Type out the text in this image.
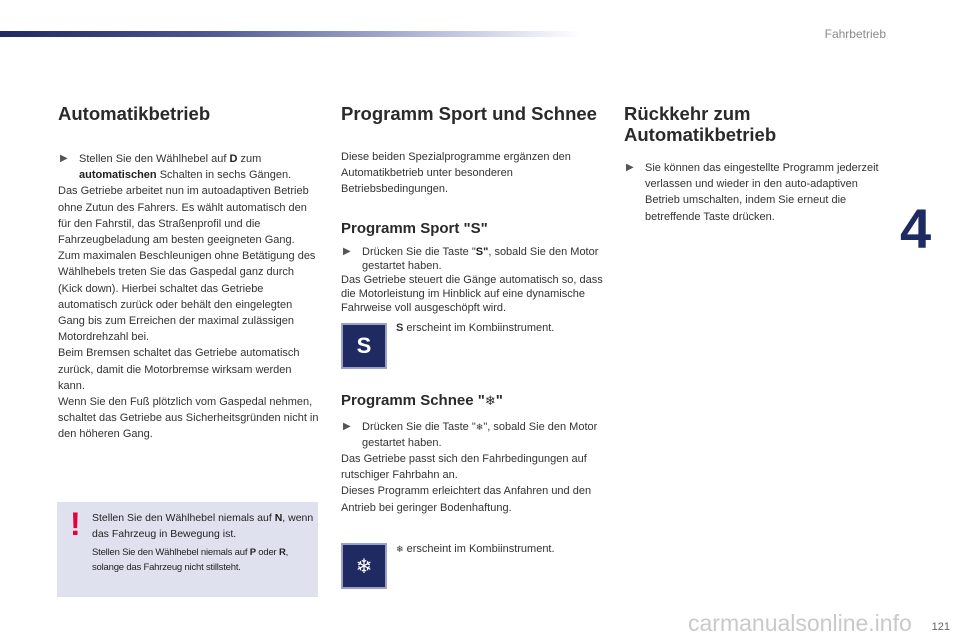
Fahrbetrieb
4
Automatikbetrieb
▶ Stellen Sie den Wählhebel auf D zum automatischen Schalten in sechs Gängen.
Das Getriebe arbeitet nun im autoadaptiven Betrieb ohne Zutun des Fahrers. Es wählt automatisch den für den Fahrstil, das Straßenprofil und die Fahrzeugbeladung am besten geeigneten Gang.
Zum maximalen Beschleunigen ohne Betätigung des Wählhebels treten Sie das Gaspedal ganz durch (Kick down). Hierbei schaltet das Getriebe automatisch zurück oder behält den eingelegten Gang bis zum Erreichen der maximal zulässigen Motordrehzahl bei.
Beim Bremsen schaltet das Getriebe automatisch zurück, damit die Motorbremse wirksam werden kann.
Wenn Sie den Fuß plötzlich vom Gaspedal nehmen, schaltet das Getriebe aus Sicherheitsgründen nicht in den höheren Gang.
! Stellen Sie den Wählhebel niemals auf N, wenn das Fahrzeug in Bewegung ist.
Stellen Sie den Wählhebel niemals auf P oder R, solange das Fahrzeug nicht stillsteht.
Programm Sport und Schnee
Diese beiden Spezialprogramme ergänzen den Automatikbetrieb unter besonderen Betriebsbedingungen.
Programm Sport "S"
▶ Drücken Sie die Taste "S", sobald Sie den Motor gestartet haben.
Das Getriebe steuert die Gänge automatisch so, dass die Motorleistung im Hinblick auf eine dynamische Fahrweise voll ausgeschöpft wird.
Programm Schnee "❄"
▶ Drücken Sie die Taste "❄", sobald Sie den Motor gestartet haben.
Das Getriebe passt sich den Fahrbedingungen auf rutschiger Fahrbahn an.
Dieses Programm erleichtert das Anfahren und den Antrieb bei geringer Bodenhaftung.
S
S erscheint im Kombiinstrument.
❄
❄ erscheint im Kombiinstrument.
Rückkehr zum
Automatikbetrieb
▶ Sie können das eingestellte Programm jederzeit verlassen und wieder in den auto-adaptiven Betrieb umschalten, indem Sie erneut die betreffende Taste drücken.
carmanualsonline.info 121
